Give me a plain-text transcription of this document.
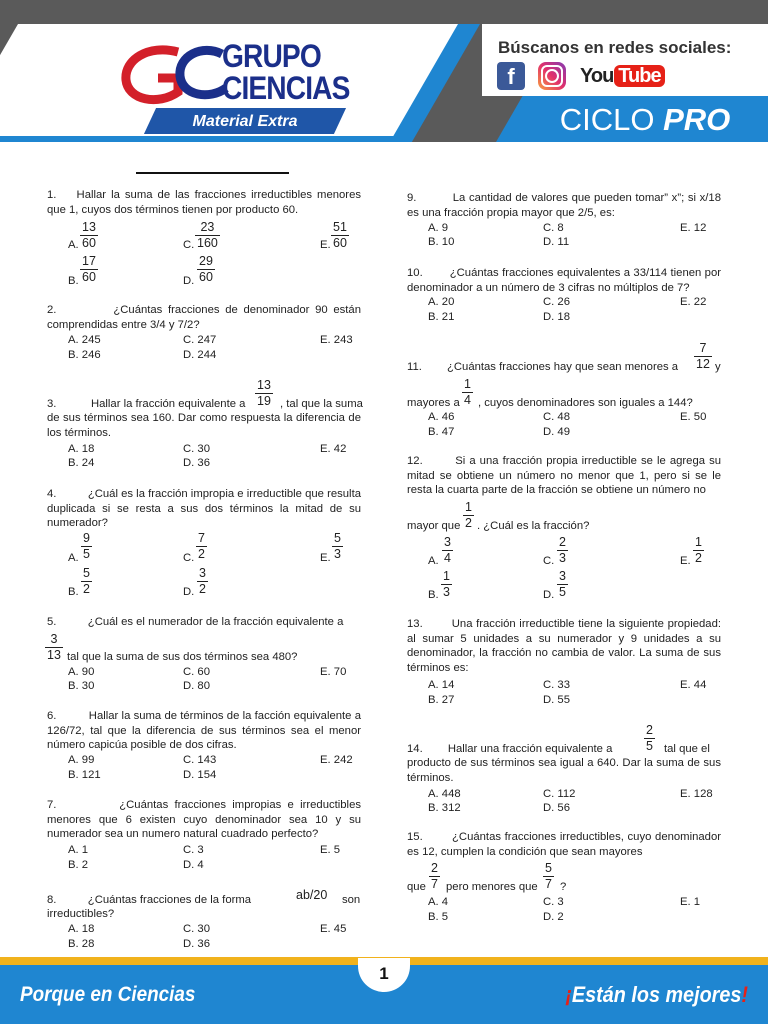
CICLO PRO
Búscanos en redes sociales:
f	You Tube
GRUPO
CIENCIAS
Material Extra
1.    Hallar la suma de las fracciones irreductibles menores que 1, cuyos dos términos tienen por producto 60.
A. $\frac{13}{60}$	C. $\frac{23}{160}$	E. $\frac{51}{60}$
B. $\frac{17}{60}$	D. $\frac{29}{60}$
2.          ¿Cuántas fracciones de denominador 90 están comprendidas entre 3/4 y 7/2?
A. 245	C. 247	E. 243
B. 246	D. 244
3.           Hallar la fracción equivalente a $\frac{13}{19}$ , tal que la suma
de sus términos sea 160. Dar como respuesta la diferencia de los términos.
A. 18	C. 30	E. 42
B. 24	D. 36
4.          ¿Cuál es la fracción impropia e irreductible que resulta duplicada si se resta a sus dos términos la mitad de su numerador?
A. $\frac{9}{5}$	C. $\frac{7}{2}$	E. $\frac{5}{3}$
B. $\frac{5}{2}$	D. $\frac{3}{2}$
5.          ¿Cuál es el numerador de la fracción equivalente a
$\frac{3}{13}$ tal que la suma de sus dos términos sea 480?
A. 90	C. 60	E. 70
B. 30	D. 80
6.          Hallar la suma de términos de la facción equivalente a 126/72, tal que la diferencia de sus términos sea el menor número capicúa posible de dos cifras.
A. 99	C. 143	E. 242
B. 121	D. 154
7.          ¿Cuántas fracciones impropias e irreductibles menores que 6 existen cuyo denominador sea 10 y su numerador sea un numero natural cuadrado perfecto?
A. 1	C. 3	E. 5
B. 2	D. 4
8.          ¿Cuántas fracciones de la forma	ab/20 son
irreductibles?
A. 18	C. 30	E. 45
B. 28	D. 36
9.          La cantidad de valores que pueden tomar” x”; si x/18 es una fracción propia mayor que 2/5, es:
A. 9	C. 8	E. 12
B. 10	D. 11
10.        ¿Cuántas fracciones equivalentes a 33/114 tienen por denominador a un número de 3 cifras no múltiplos de 7?
A. 20	C. 26	E. 22
B. 21	D. 18
11.        ¿Cuántas fracciones hay que sean menores a $\frac{7}{12}$ y
mayores a $\frac{1}{4}$ , cuyos denominadores son iguales a 144?
A. 46	C. 48	E. 50
B. 47	D. 49
12.        Si a una fracción propia irreductible se le agrega su mitad se obtiene un número no menor que 1, pero si se le resta la cuarta parte de la fracción se obtiene un número no
mayor que $\frac{1}{2}$ . ¿Cuál es la fracción?
A. $\frac{3}{4}$	C. $\frac{2}{3}$	E. $\frac{1}{2}$
B. $\frac{1}{3}$	D. $\frac{3}{5}$
13.        Una fracción irreductible tiene la siguiente propiedad: al sumar 5 unidades a su numerador y 9 unidades a su denominador, la fracción no cambia de valor. La suma de sus términos es:
A. 14	C. 33	E. 44
B. 27	D. 55
14.        Hallar una fracción equivalente a	$\frac{2}{5}$ tal que el
producto de sus términos sea igual a 640. Dar la suma de sus términos.
A. 448	C. 112	E. 128
B. 312	D. 56
15.        ¿Cuántas fracciones irreductibles, cuyo denominador es 12, cumplen la condición que sean mayores
que $\frac{2}{7}$ pero menores que $\frac{5}{7}$ ?
A. 4	C. 3	E. 1
B. 5	D. 2
1
Porque en Ciencias	¡Están los mejores!
